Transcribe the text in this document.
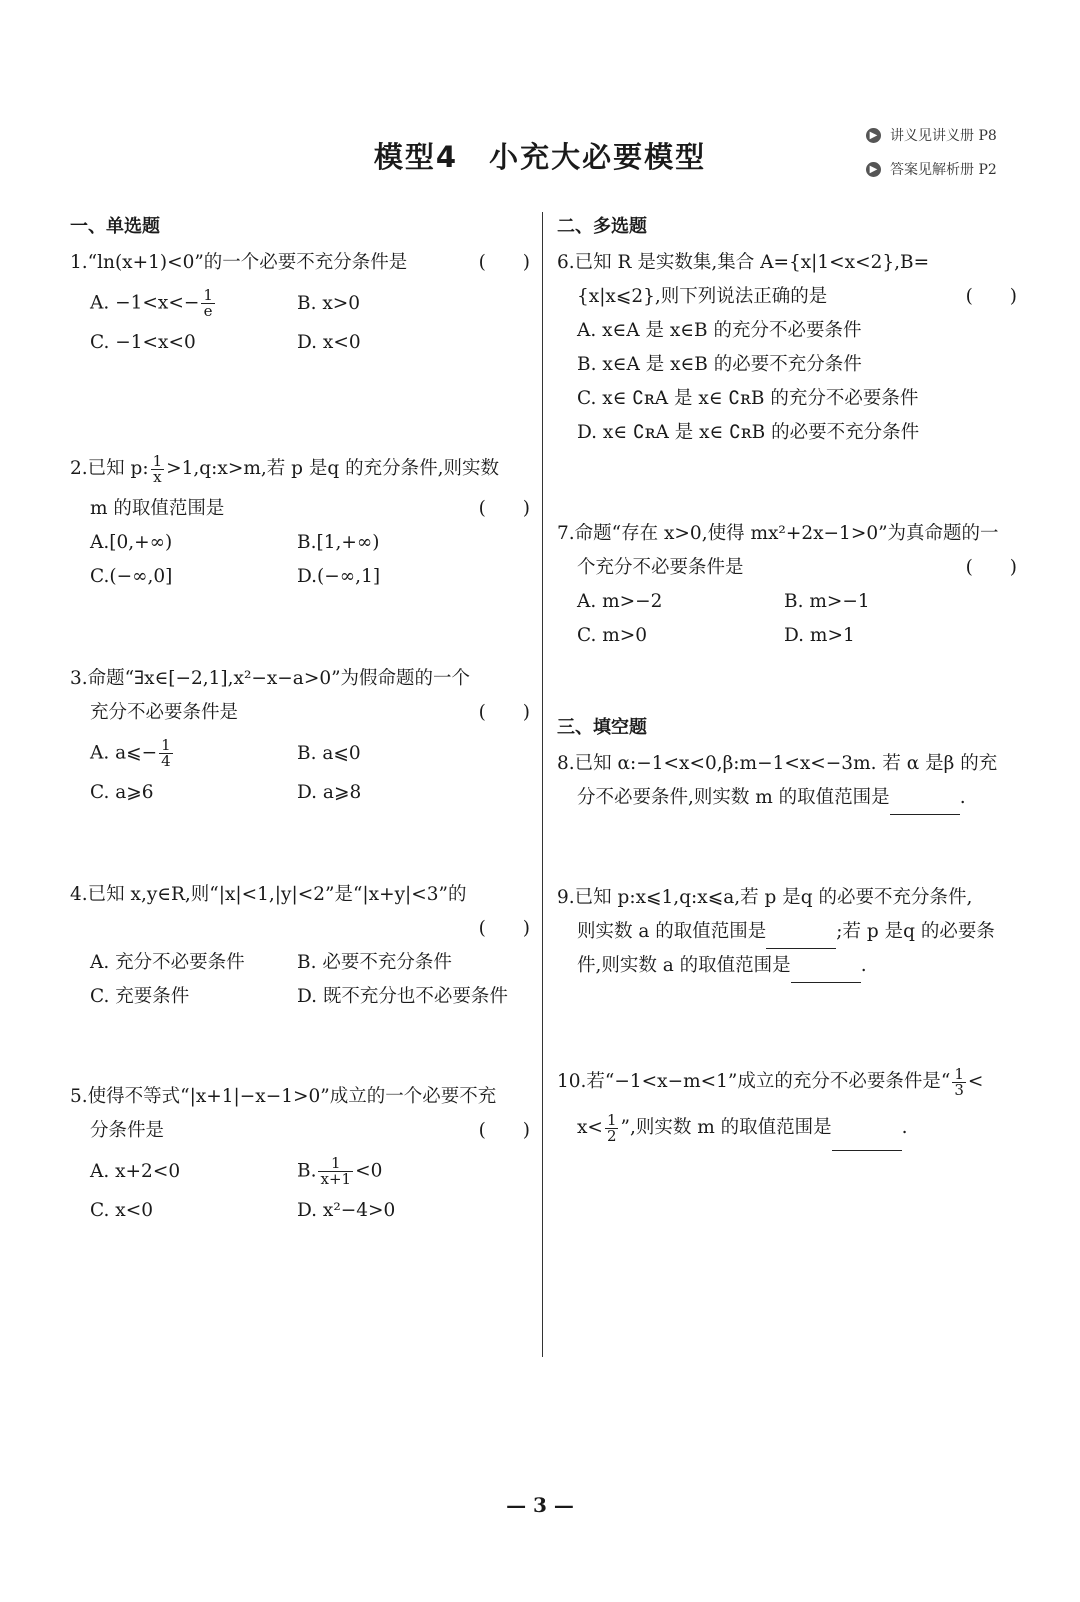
模型4　小充大必要模型
▶ 讲义见讲义册 P8
▶ 答案见解析册 P2
一、单选题
1.“ln(x+1)<0”的一个必要不充分条件是	(　　)
A. $-1<x<- \frac{1}{e}$	B. x>0
C. −1<x<0	D. x<0
2.已知 p: $\frac{1}{x}$ >1,q:x>m,若 p 是q 的充分条件,则实数
m 的取值范围是	(　　)
A.[0,+∞)	B.[1,+∞)
C.(−∞,0]	D.(−∞,1]
3.命题“∃x∈[−2,1],x²−x−a>0”为假命题的一个
充分不必要条件是	(　　)
A. a⩽− $\frac{1}{4}$	B. a⩽0
C. a⩾6	D. a⩾8
4.已知 x,y∈R,则“|x|<1,|y|<2”是“|x+y|<3”的
(　　)
A. 充分不必要条件	B. 必要不充分条件
C. 充要条件	D. 既不充分也不必要条件
5.使得不等式“|x+1|−x−1>0”成立的一个必要不充
分条件是	(　　)
A. x+2<0	B. $\frac{1}{x+1} <0$
C. x<0	D. x²−4>0
二、多选题
6.已知 R 是实数集,集合 A={x|1<x<2},B=
{x|x⩽2},则下列说法正确的是	(　　)
A. x∈A 是 x∈B 的充分不必要条件
B. x∈A 是 x∈B 的必要不充分条件
C. x∈ ∁ʀA 是 x∈ ∁ʀB 的充分不必要条件
D. x∈ ∁ʀA 是 x∈ ∁ʀB 的必要不充分条件
7.命题“存在 x>0,使得 mx²+2x−1>0”为真命题的一
个充分不必要条件是	(　　)
A. m>−2	B. m>−1
C. m>0	D. m>1
三、填空题
8.已知 α:−1<x<0,β:m−1<x<−3m. 若 α 是β 的充
分不必要条件,则实数 m 的取值范围是	.
9.已知 p:x⩽1,q:x⩽a,若 p 是q 的必要不充分条件,
则实数 a 的取值范围是	;若 p 是q 的必要条
件,则实数 a 的取值范围是	.
10.若“−1<x−m<1”成立的充分不必要条件是“ $\frac{1}{3}$ <
$x< \frac{1}{2}$ ”,则实数 m 的取值范围是	.
— 3 —
